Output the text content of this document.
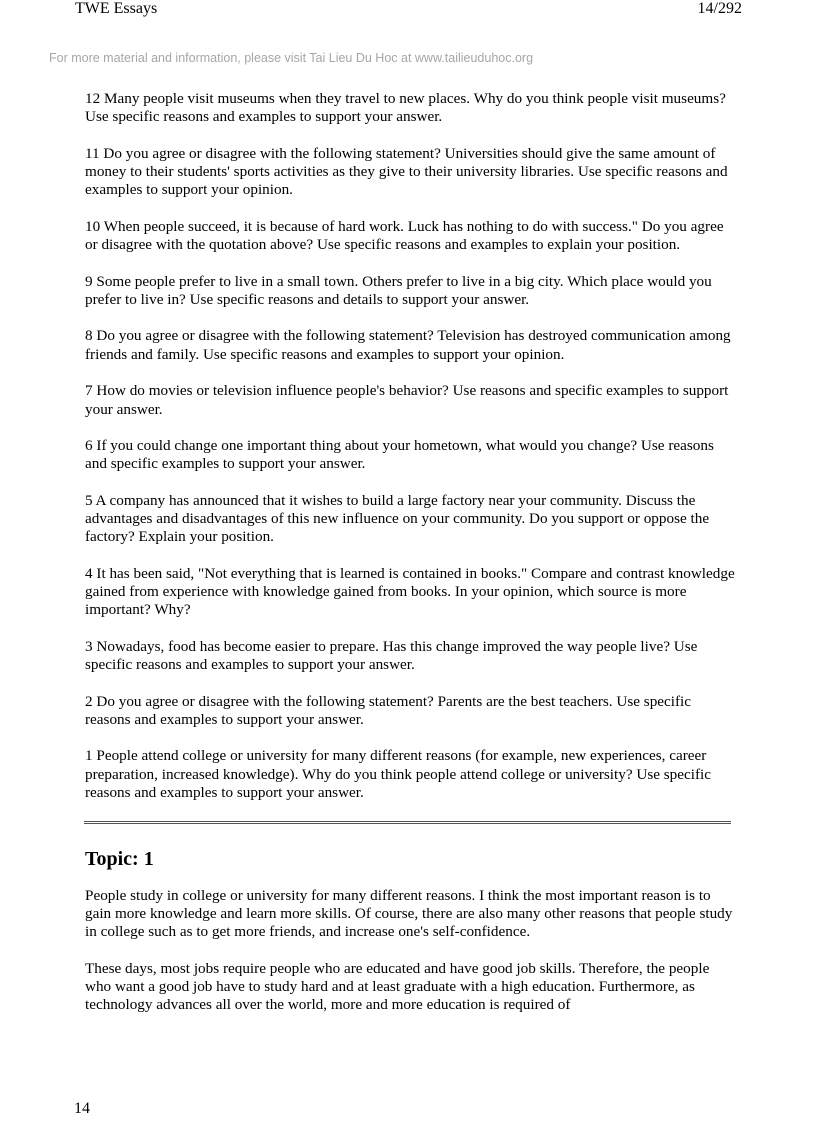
TWE Essays	14/292
For more material and information, please visit Tai Lieu Du Hoc at www.tailieuduhoc.org

12 Many people visit museums when they travel to new places. Why do you think people visit museums? Use specific reasons and examples to support your answer.

11 Do you agree or disagree with the following statement? Universities should give the same amount of money to their students' sports activities as they give to their university libraries. Use specific reasons and examples to support your opinion.

10 When people succeed, it is because of hard work. Luck has nothing to do with success." Do you agree or disagree with the quotation above? Use specific reasons and examples to explain your position.

9 Some people prefer to live in a small town. Others prefer to live in a big city. Which place would you prefer to live in? Use specific reasons and details to support your answer.

8 Do you agree or disagree with the following statement? Television has destroyed communication among friends and family. Use specific reasons and examples to support your opinion.

7 How do movies or television influence people's behavior? Use reasons and specific examples to support your answer.

6 If you could change one important thing about your hometown, what would you change? Use reasons and specific examples to support your answer.

5 A company has announced that it wishes to build a large factory near your community. Discuss the advantages and disadvantages of this new influence on your community. Do you support or oppose the factory? Explain your position.

4 It has been said, "Not everything that is learned is contained in books." Compare and contrast knowledge gained from experience with knowledge gained from books. In your opinion, which source is more important? Why?

3 Nowadays, food has become easier to prepare. Has this change improved the way people live? Use specific reasons and examples to support your answer.

2 Do you agree or disagree with the following statement? Parents are the best teachers. Use specific reasons and examples to support your answer.

1 People attend college or university for many different reasons (for example, new experiences, career preparation, increased knowledge). Why do you think people attend college or university? Use specific reasons and examples to support your answer.

Topic: 1

People study in college or university for many different reasons. I think the most important reason is to gain more knowledge and learn more skills. Of course, there are also many other reasons that people study in college such as to get more friends, and increase one's self-confidence.

These days, most jobs require people who are educated and have good job skills. Therefore, the people who want a good job have to study hard and at least graduate with a high education. Furthermore, as technology advances all over the world, more and more education is required of

14
